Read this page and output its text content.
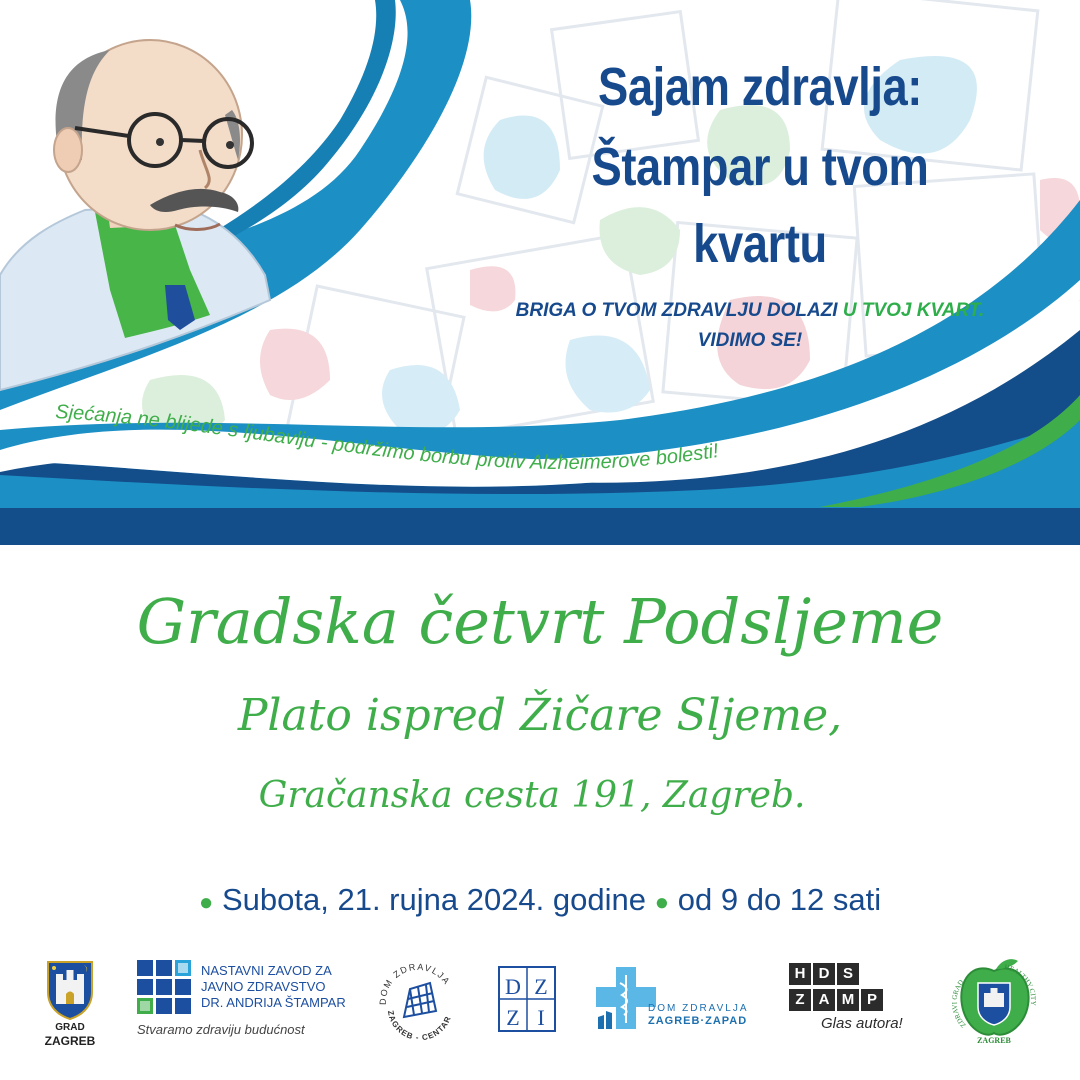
Sjećanja ne blijede s ljubavlju - podržimo borbu protiv Alzheimerove bolesti!
Sajam zdravlja:
Štampar u tvom
kvartu
BRIGA O TVOM ZDRAVLJU DOLAZI U TVOJ KVART.
VIDIMO SE!
Gradska četvrt Podsljeme
Plato ispred Žičare Sljeme,
Gračanska cesta 191, Zagreb.
● Subota, 21. rujna 2024. godine ● od 9 do 12 sati
GRAD
ZAGREB
NASTAVNI ZAVOD ZA
JAVNO ZDRAVSTVO
DR. ANDRIJA ŠTAMPAR
Stvaramo zdraviju budućnost
DOM ZDRAVLJA
ZAGREB - CENTAR
D Z
Z I	DOM ZDRAVLJA
ZAGREB·ZAPAD
H D S
Z A M P
Glas autora!	ZDRA RAD
HEALTHY C
ZAGREB
